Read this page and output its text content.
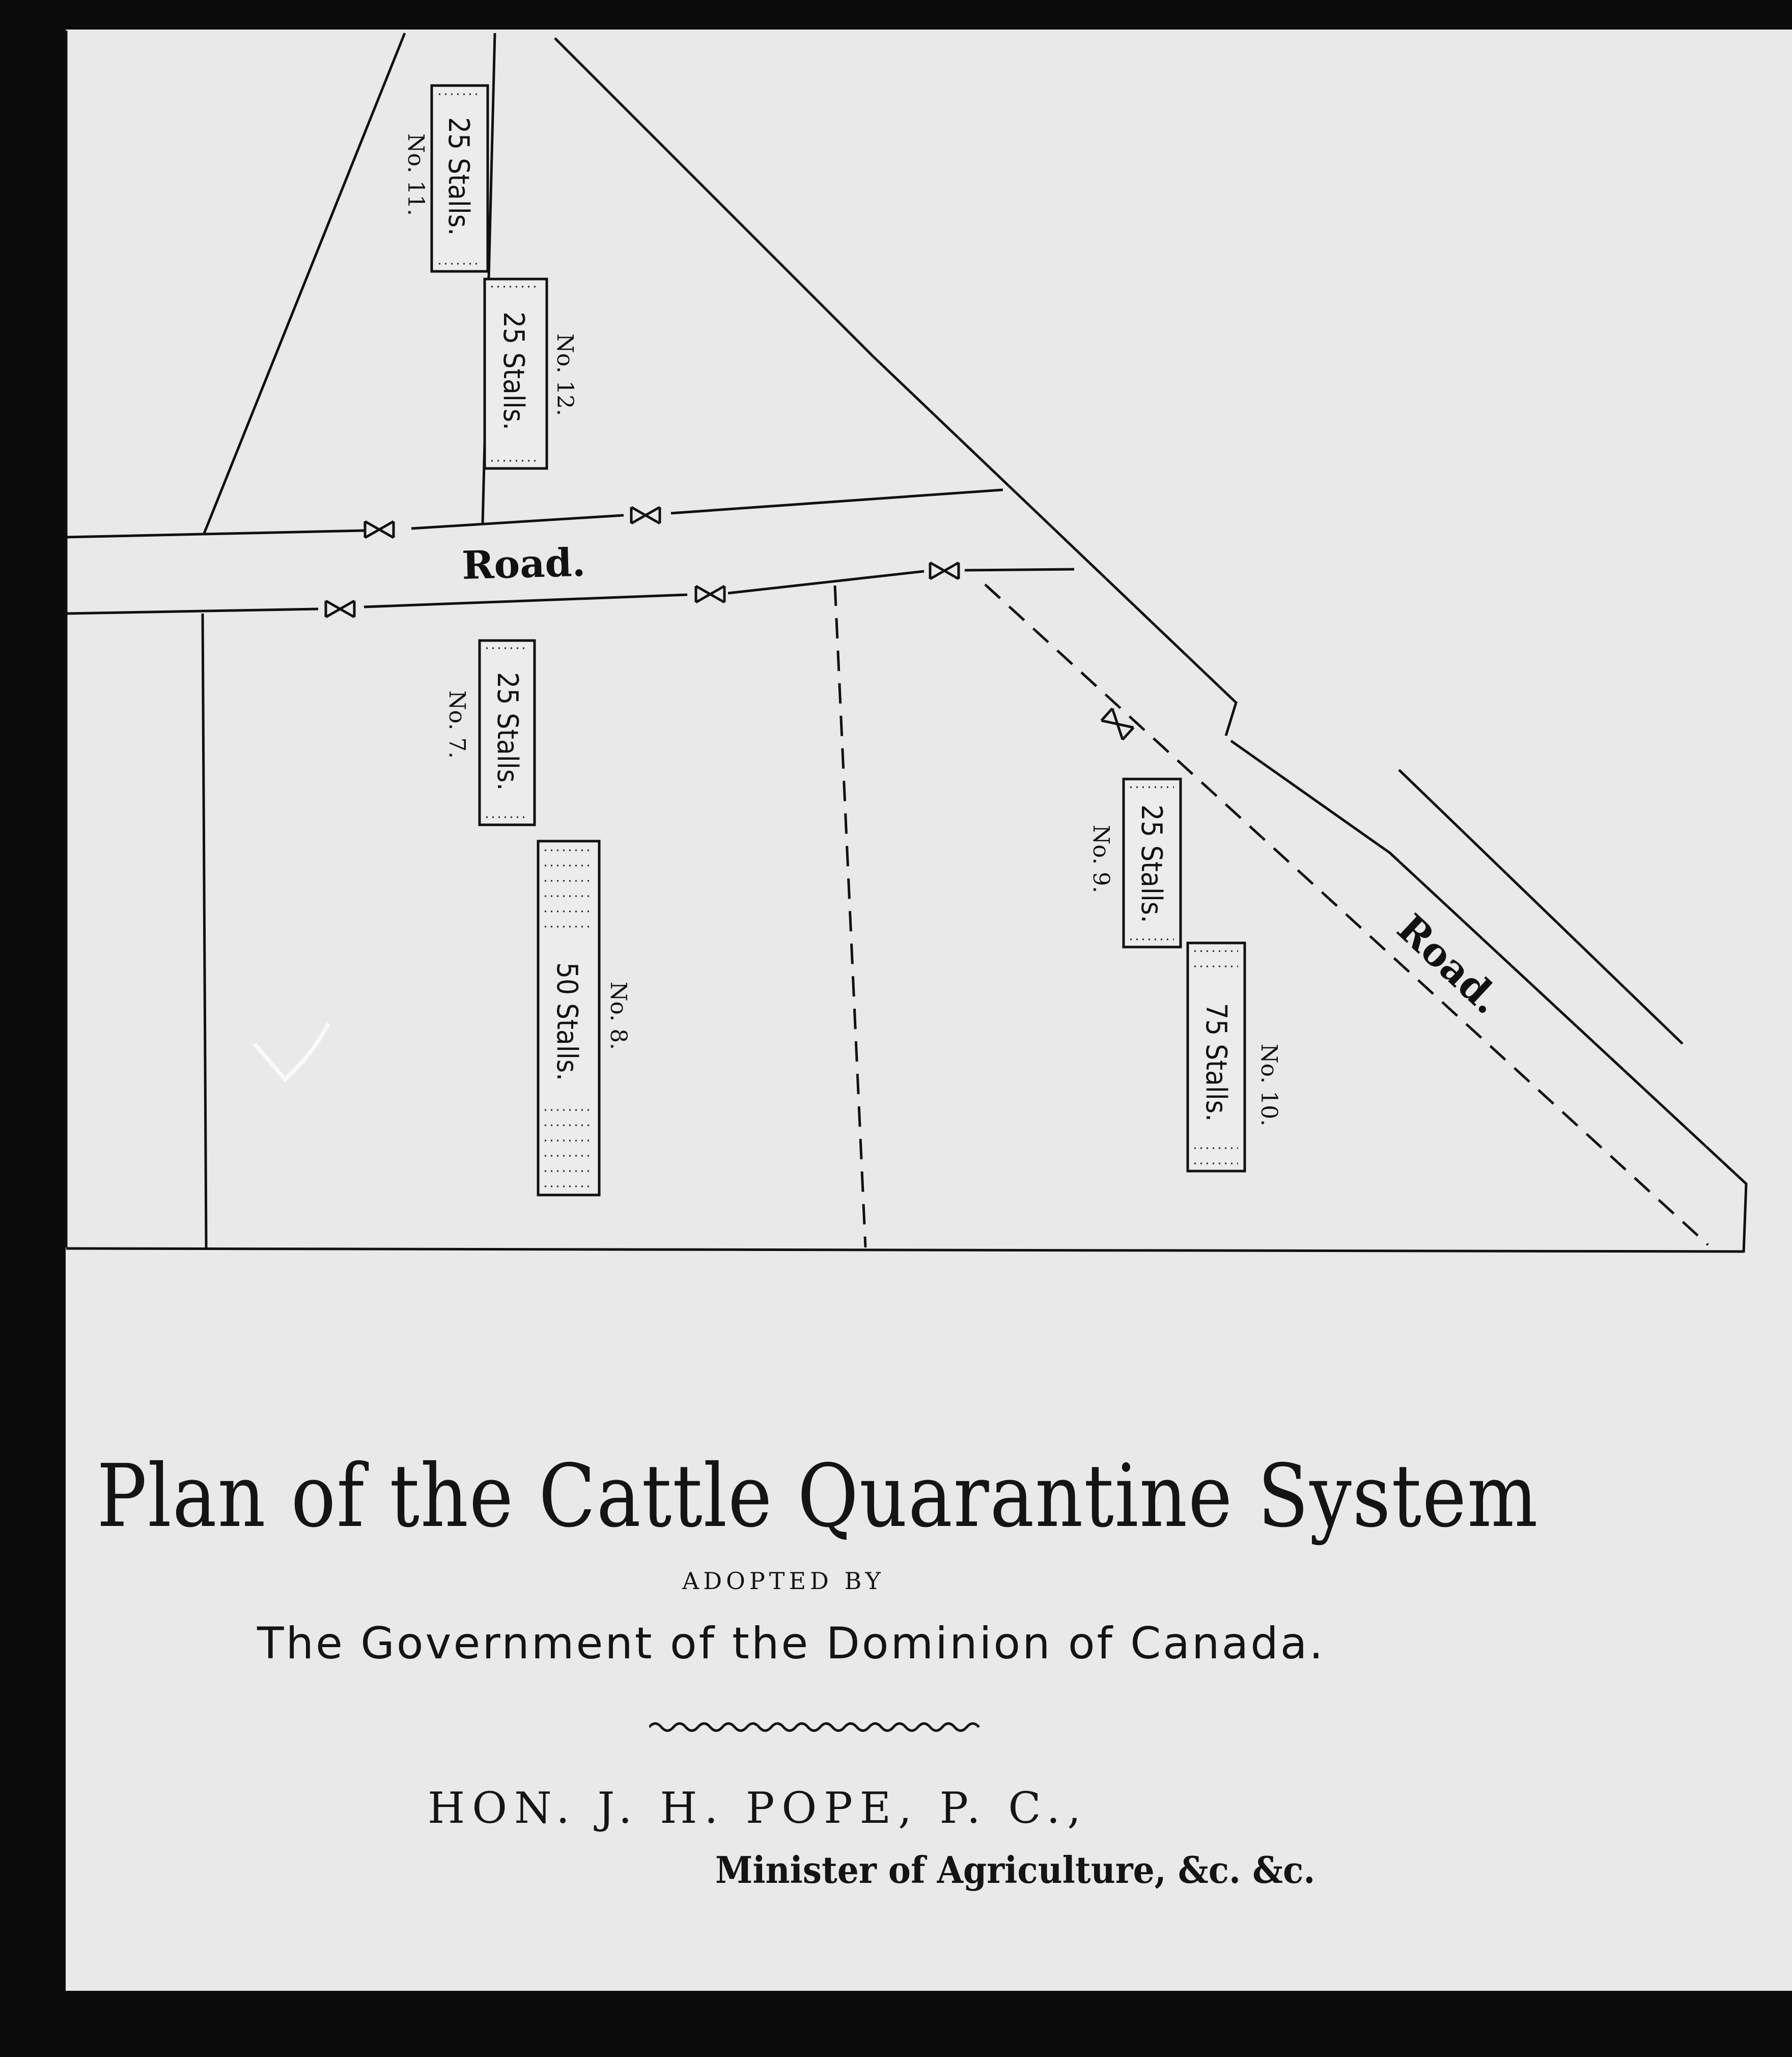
Road.
Road.
25 Stalls.
No. 11.
25 Stalls. No. 12.
25 Stalls.
No. 7.
50 Stalls. No. 8.
25 Stalls.
No. 9.
75 Stalls. No. 10.
Plan of the Cattle Quarantine System
ADOPTED BY
The Government of the Dominion of Canada.
HON. J. H. POPE, P. C.,
Minister of Agriculture, &c. &c.
